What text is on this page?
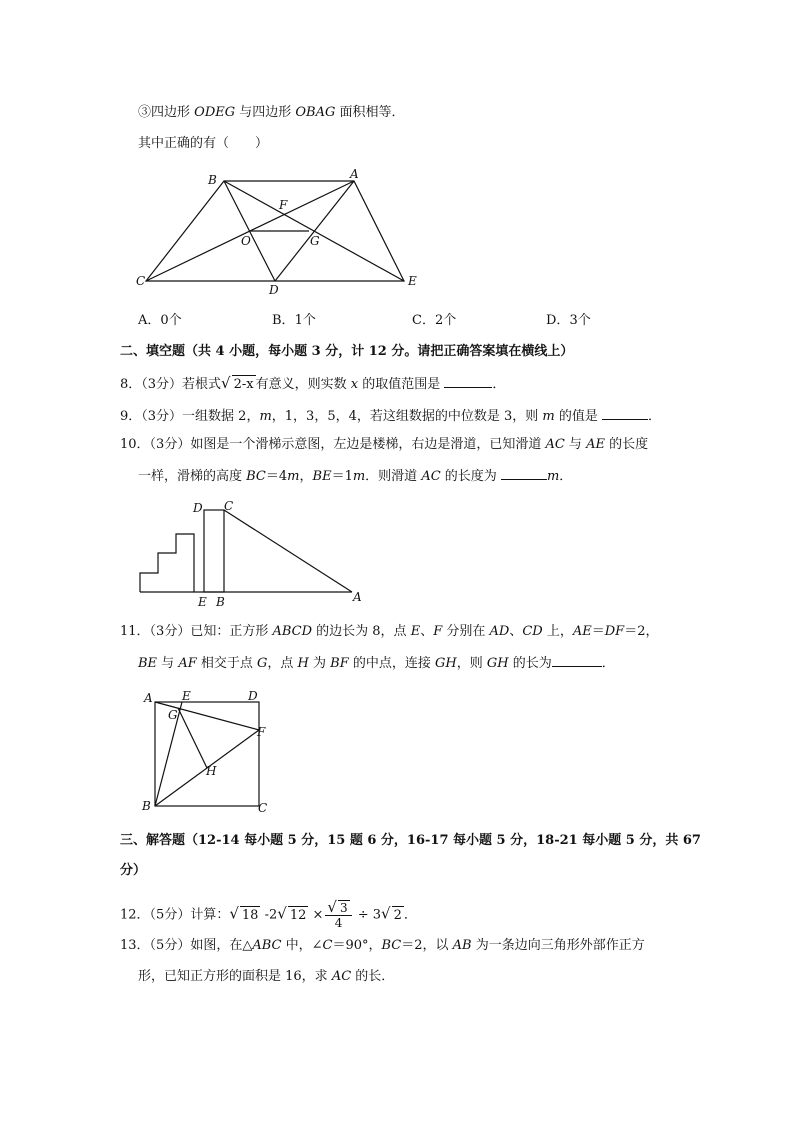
③四边形 ODEG 与四边形 OBAG 面积相等．
其中正确的有（　　）
B	A
F
O	G
C
D
E
A．0个	B．1个	C．2个	D．3个
二、填空题（共 4 小题，每小题 3 分，计 12 分。请把正确答案填在横线上）
8．（3分）若根式√ 2-x 有意义，则实数 x 的取值范围是	．
9．（3分）一组数据 2，m，1，3，5，4，若这组数据的中位数是 3，则 m 的值是	．
10．（3分）如图是一个滑梯示意图，左边是楼梯，右边是滑道，已知滑道 AC 与 AE 的长度
一样，滑梯的高度 BC＝4m，BE＝1m．则滑道 AC 的长度为	m．
D C
E B	A
11．（3分）已知：正方形 ABCD 的边长为 8，点 E、F 分别在 AD、CD 上，AE＝DF＝2，
BE 与 AF 相交于点 G，点 H 为 BF 的中点，连接 GH，则 GH 的长为	．
A E	D
G
F
H
B	C
三、解答题（12-14 每小题 5 分，15 题 6 分，16-17 每小题 5 分，18-21 每小题 5 分，共 67
分）
12．（5分）计算：√ 18 -2√ $12 \times \frac{√ 3}{4} \div 3√$ 2 ．
13．（5分）如图，在△ABC 中，∠C＝90°，BC＝2，以 AB 为一条边向三角形外部作正方
形，已知正方形的面积是 16，求 AC 的长．
